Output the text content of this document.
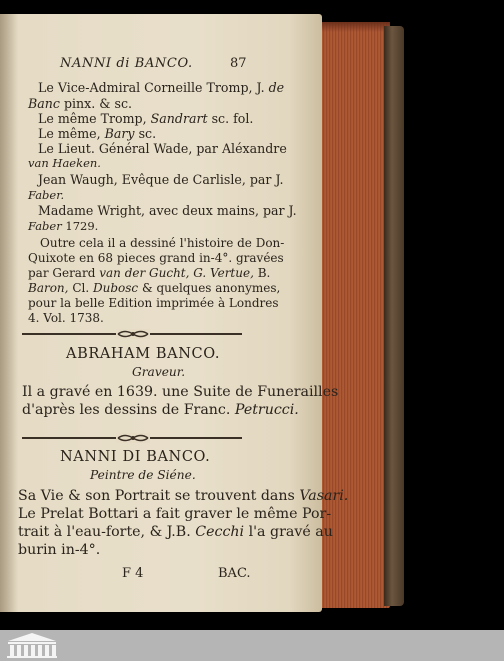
NANNI di BANCO.	87
Le Vice-Admiral Corneille Tromp, J. de
Banc pinx. & sc.
Le même Tromp, Sandrart sc. fol.
Le même, Bary sc.
Le Lieut. Général Wade, par Aléxandre
van Haeken.
Jean Waugh, Evêque de Carlisle, par J.
Faber.
Madame Wright, avec deux mains, par J.
Faber 1729.
Outre cela il a dessiné l'histoire de Don-
Quixote en 68 pieces grand in-4°. gravées
par Gerard van der Gucht, G. Vertue, B.
Baron, Cl. Dubosc & quelques anonymes,
pour la belle Edition imprimée à Londres
4. Vol. 1738.
ABRAHAM BANCO.
Graveur.
Il a gravé en 1639. une Suite de Funerailles
d'après les dessins de Franc. Petrucci.
NANNI DI BANCO.
Peintre de Siéne.
Sa Vie & son Portrait se trouvent dans Vasari.
Le Prelat Bottari a fait graver le même Por-
trait à l'eau-forte, & J.B. Cecchi l'a gravé au
burin in-4°.
F 4	BAC.
